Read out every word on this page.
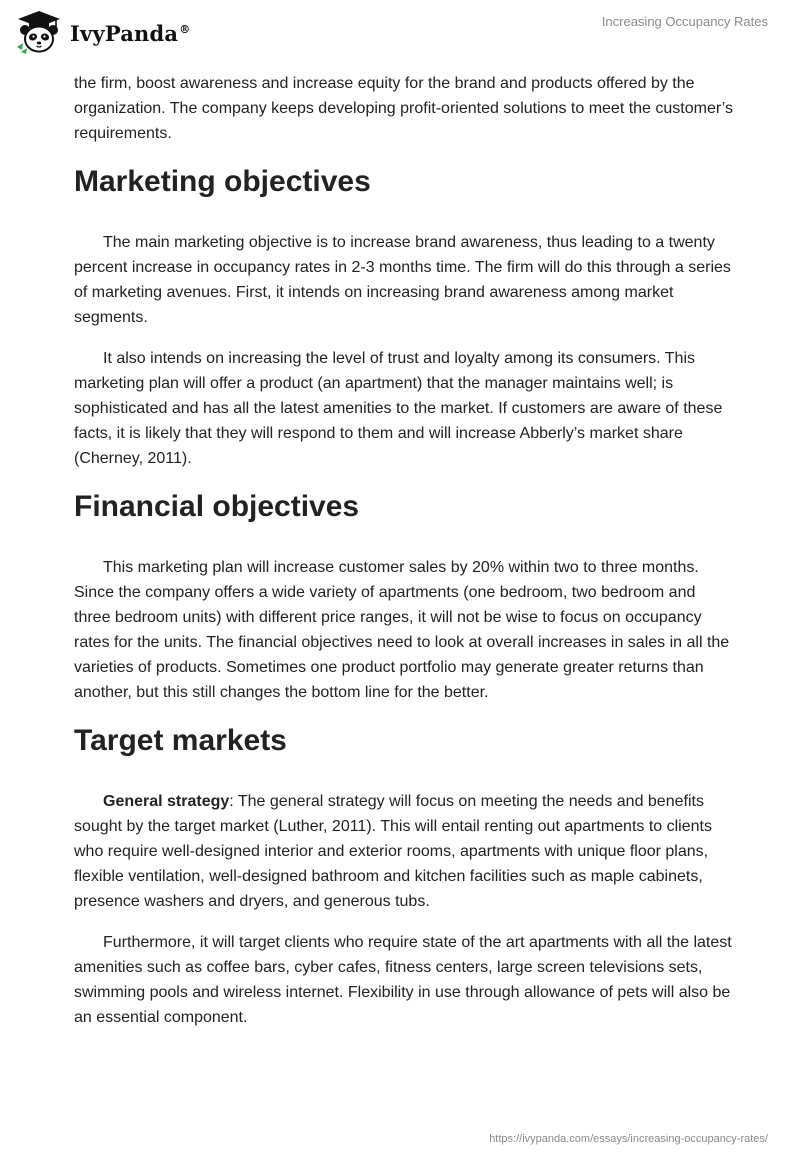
IvyPanda®	Increasing Occupancy Rates

the firm, boost awareness and increase equity for the brand and products offered by the organization. The company keeps developing profit-oriented solutions to meet the customer’s requirements.

Marketing objectives

The main marketing objective is to increase brand awareness, thus leading to a twenty percent increase in occupancy rates in 2-3 months time. The firm will do this through a series of marketing avenues. First, it intends on increasing brand awareness among market segments.

It also intends on increasing the level of trust and loyalty among its consumers. This marketing plan will offer a product (an apartment) that the manager maintains well; is sophisticated and has all the latest amenities to the market. If customers are aware of these facts, it is likely that they will respond to them and will increase Abberly’s market share (Cherney, 2011).

Financial objectives

This marketing plan will increase customer sales by 20% within two to three months. Since the company offers a wide variety of apartments (one bedroom, two bedroom and three bedroom units) with different price ranges, it will not be wise to focus on occupancy rates for the units. The financial objectives need to look at overall increases in sales in all the varieties of products. Sometimes one product portfolio may generate greater returns than another, but this still changes the bottom line for the better.

Target markets

General strategy: The general strategy will focus on meeting the needs and benefits sought by the target market (Luther, 2011). This will entail renting out apartments to clients who require well-designed interior and exterior rooms, apartments with unique floor plans, flexible ventilation, well-designed bathroom and kitchen facilities such as maple cabinets, presence washers and dryers, and generous tubs.

Furthermore, it will target clients who require state of the art apartments with all the latest amenities such as coffee bars, cyber cafes, fitness centers, large screen televisions sets, swimming pools and wireless internet. Flexibility in use through allowance of pets will also be an essential component.

https://ivypanda.com/essays/increasing-occupancy-rates/
